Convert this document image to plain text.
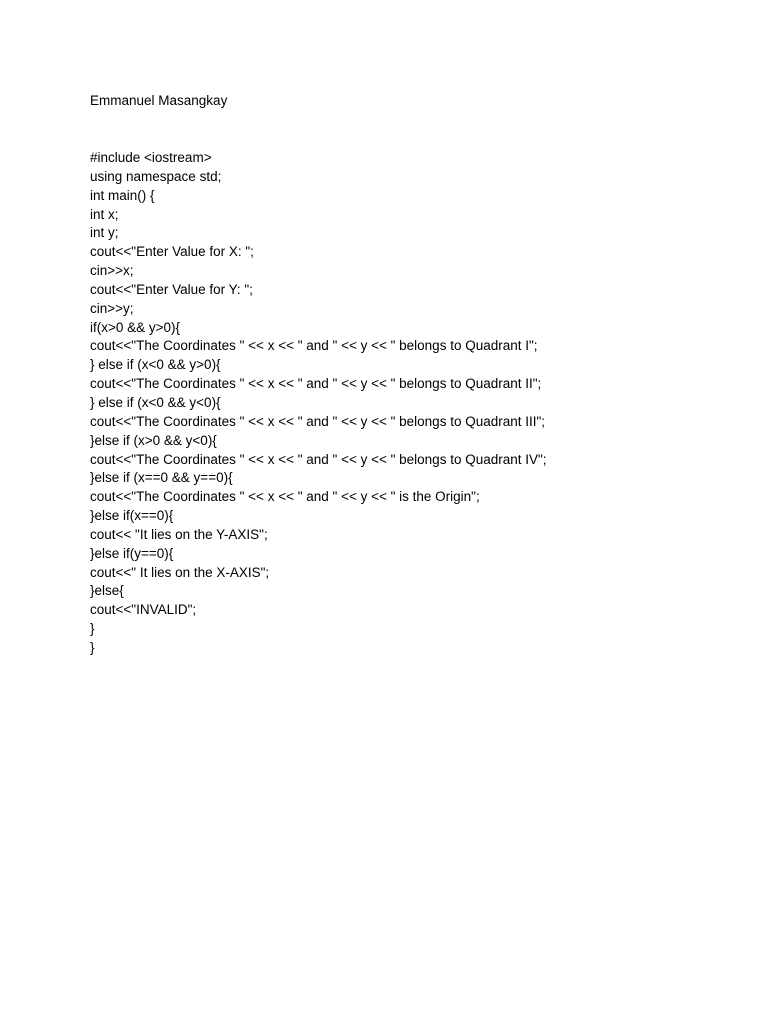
Emmanuel Masangkay
#include <iostream>
using namespace std;
int main() {
int x;
int y;
cout<<"Enter Value for X: ";
cin>>x;
cout<<"Enter Value for Y: ";
cin>>y;
if(x>0 && y>0){
cout<<"The Coordinates " << x << " and " << y << " belongs to Quadrant I";
} else if (x<0 && y>0){
cout<<"The Coordinates " << x << " and " << y << " belongs to Quadrant II";
} else if (x<0 && y<0){
cout<<"The Coordinates " << x << " and " << y << " belongs to Quadrant III";
}else if (x>0 && y<0){
cout<<"The Coordinates " << x << " and " << y << " belongs to Quadrant IV";
}else if (x==0 && y==0){
cout<<"The Coordinates " << x << " and " << y << " is the Origin";
}else if(x==0){
cout<< "It lies on the Y-AXIS";
}else if(y==0){
cout<<" It lies on the X-AXIS";
}else{
cout<<"INVALID";
}
}
